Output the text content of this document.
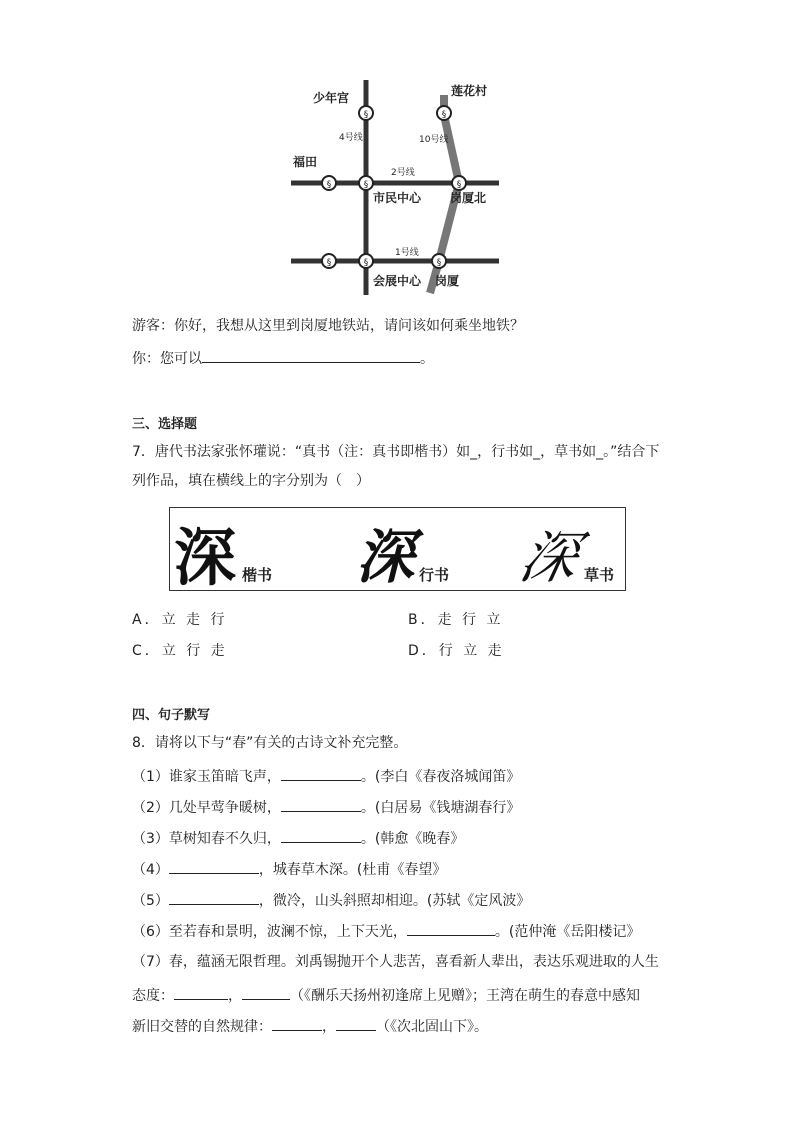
§	§
§	§	§
§	§	§
少年宫	莲花村
福田
市民中心 岗厦北
会展中心 岗厦
4号线	10号线
2号线
1号线
游客：你好，我想从这里到岗厦地铁站，请问该如何乘坐地铁？
你：您可以	。
三、选择题
7．唐代书法家张怀瓘说：“真书（注：真书即楷书）如_，行书如_，草书如_。”结合下
列作品，填在横线上的字分别为（　）
深 楷书 深 行书 深 草书
A．立 走 行	B．走 行 立
C．立 行 走	D．行 立 走
四、句子默写
8．请将以下与“春”有关的古诗文补充完整。
（1）谁家玉笛暗飞声，	。(李白《春夜洛城闻笛》
（2）几处早莺争暖树，	。(白居易《钱塘湖春行》
（3）草树知春不久归，	。(韩愈《晚春》
（4）	，城春草木深。(杜甫《春望》
（5）	，微冷，山头斜照却相迎。(苏轼《定风波》
（6）至若春和景明，波澜不惊，上下天光，	。(范仲淹《岳阳楼记》
（7）春，蕴涵无限哲理。刘禹锡抛开个人悲苦，喜看新人辈出，表达乐观进取的人生
态度：	，	（《酬乐天扬州初逢席上见赠》；王湾在萌生的春意中感知
新旧交替的自然规律：	，	（《次北固山下》。
